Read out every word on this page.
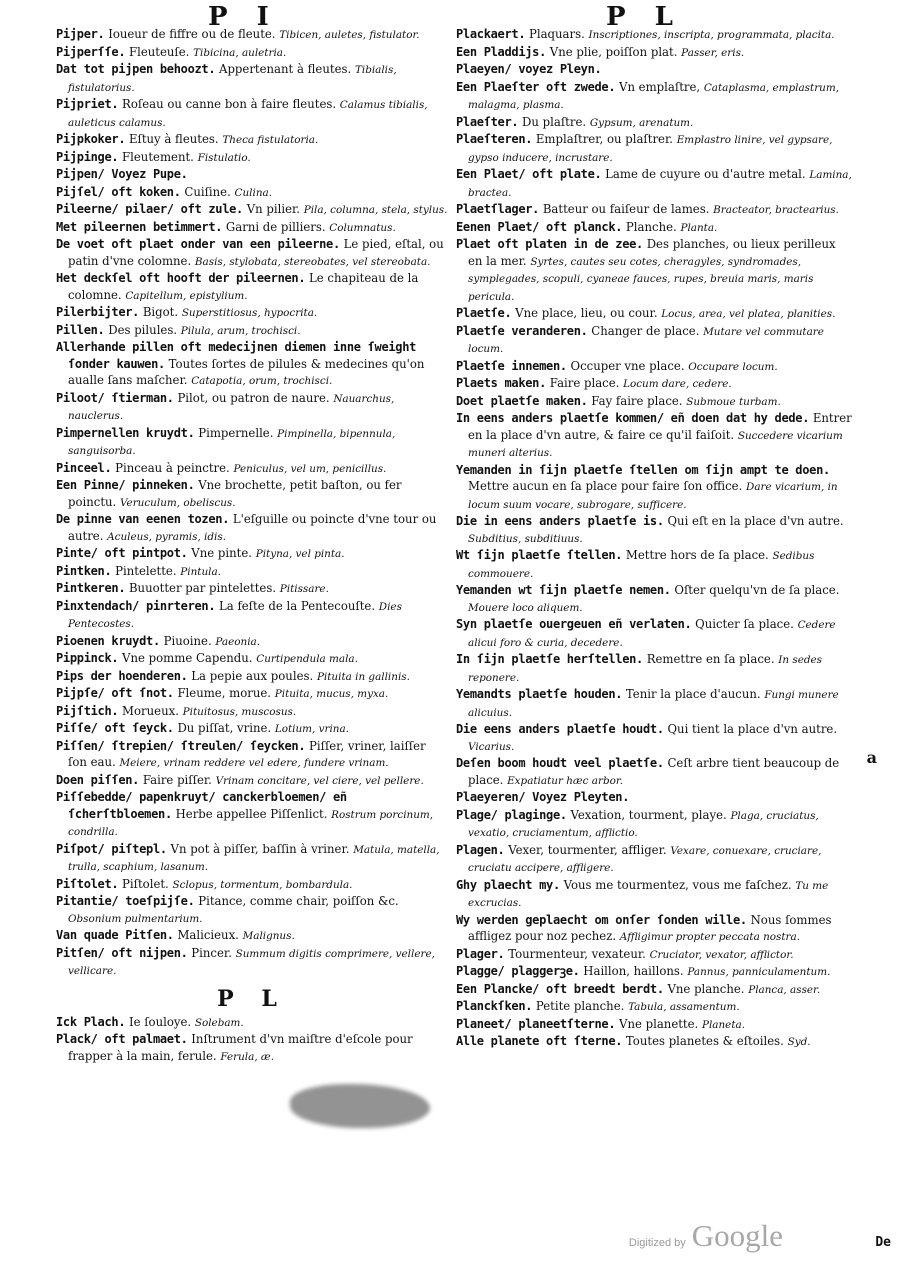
P I	P L

Pijper. Ioueur de fiffre ou de fleute. Tibicen, auletes, fistulator.

Pijperſſe. Fleuteuſe. Tibicina, auletria.

Dat tot pijpen behoozt. Appertenant à fleutes. Tibialis, fistulatorius.

Pijpriet. Roſeau ou canne bon à faire fleutes. Calamus tibialis, auleticus calamus.

Pijpkoker. Eſtuy à fleutes. Theca fistulatoria.

Pijpinge. Fleutement. Fistulatio.

Pijpen/ Voyez Pupe.

Pijſel/ oft koken. Cuiſine. Culina.

Pileerne/ pilaer/ oft zule. Vn pilier. Pila, columna, stela, stylus.

Met pileernen betimmert. Garni de pilliers. Columnatus.

De voet oft plaet onder van een pileerne. Le pied, eſtal, ou patin d'vne colomne. Basis, stylobata, stereobates, vel stereobata.

Het deckſel oft hooft der pileernen. Le chapiteau de la colomne. Capitellum, epistylium.

Pilerbijter. Bigot. Superstitiosus, hypocrita.

Pillen. Des pilules. Pilula, arum, trochisci.

Allerhande pillen oft medecijnen diemen inne ſweight ſonder kauwen. Toutes ſortes de pilules & medecines qu'on aualle ſans maſcher. Catapotia, orum, trochisci.

Piloot/ ſtierman. Pilot, ou patron de naure. Nauarchus, nauclerus.

Pimpernellen kruydt. Pimpernelle. Pimpinella, bipennula, sanguisorba.

Pinceel. Pinceau à peinctre. Peniculus, vel um, penicillus.

Een Pinne/ pinneken. Vne brochette, petit baſton, ou fer poinctu. Veruculum, obeliscus.

De pinne van eenen tozen. L'eſguille ou poincte d'vne tour ou autre. Aculeus, pyramis, idis.

Pinte/ oft pintpot. Vne pinte. Pityna, vel pinta.

Pintken. Pintelette. Pintula.

Pintkeren. Buuotter par pintelettes. Pitissare.

Pinxtendach/ pinrteren. La feſte de la Pentecouſte. Dies Pentecostes.

Pioenen kruydt. Piuoine. Paeonia.

Pippinck. Vne pomme Capendu. Curtipendula mala.

Pips der hoenderen. La pepie aux poules. Pituita in gallinis.

Pijpſe/ oft ſnot. Fleume, morue. Pituita, mucus, myxa.

Pijſtich. Morueux. Pituitosus, muscosus.

Piſſe/ oft ſeyck. Du piſſat, vrine. Lotium, vrina.

Piſſen/ ſtrepien/ ſtreulen/ ſeycken. Piſſer, vriner, laiſſer ſon eau. Meiere, vrinam reddere vel edere, fundere vrinam.

Doen piſſen. Faire piſſer. Vrinam concitare, vel ciere, vel pellere.

Piſſebedde/ papenkruyt/ canckerbloemen/ eñ ſcherſtbloemen. Herbe appellee Piſſenlict. Rostrum porcinum, condrilla.

Piſpot/ piſtepl. Vn pot à piſſer, baſſin à vriner. Matula, matella, trulla, scaphium, lasanum.

Piſtolet. Piſtolet. Sclopus, tormentum, bombardula.

Pitantie/ toeſpijſe. Pitance, comme chair, poiſſon &c. Obsonium pulmentarium.

Van quade Pitſen. Malicieux. Malignus.

Pitſen/ oft nijpen. Pincer. Summum digitis comprimere, vellere, vellicare.

P L

Ick Plach. Ie ſouloye. Solebam.

Plack/ oft palmaet. Inſtrument d'vn maiſtre d'eſcole pour frapper à la main, ferule. Ferula, æ.

Plackaert. Plaquars. Inscriptiones, inscripta, programmata, placita.

Een Pladdijs. Vne plie, poiſſon plat. Passer, eris.

Plaeyen/ voyez Pleyn.

Een Plaeſter oft zwede. Vn emplaſtre, Cataplasma, emplastrum, malagma, plasma.

Plaeſter. Du plaſtre. Gypsum, arenatum.

Plaeſteren. Emplaſtrer, ou plaſtrer. Emplastro linire, vel gypsare, gypso inducere, incrustare.

Een Plaet/ oft plate. Lame de cuyure ou d'autre metal. Lamina, bractea.

Plaetſlager. Batteur ou faiſeur de lames. Bracteator, bractearius.

Eenen Plaet/ oft planck. Planche. Planta.

Plaet oft platen in de zee. Des planches, ou lieux perilleux en la mer. Syrtes, cautes seu cotes, cheragyles, syndromades, symplegades, scopuli, cyaneae fauces, rupes, breuia maris, maris pericula.

Plaetſe. Vne place, lieu, ou cour. Locus, area, vel platea, planities.

Plaetſe veranderen. Changer de place. Mutare vel commutare locum.

Plaetſe innemen. Occuper vne place. Occupare locum.

Plaets maken. Faire place. Locum dare, cedere.

Doet plaetſe maken. Fay faire place. Submoue turbam.

In eens anders plaetſe kommen/ eñ doen dat hy dede. Entrer en la place d'vn autre, & faire ce qu'il faiſoit. Succedere vicarium muneri alterius.

Yemanden in ſijn plaetſe ſtellen om ſijn ampt te doen. Mettre aucun en ſa place pour faire ſon office. Dare vicarium, in locum suum vocare, subrogare, sufficere.

Die in eens anders plaetſe is. Qui eſt en la place d'vn autre. Subditius, subditiuus.

Wt ſijn plaetſe ſtellen. Mettre hors de ſa place. Sedibus commouere.

Yemanden wt ſijn plaetſe nemen. Oſter quelqu'vn de ſa place. Mouere loco aliquem.

Syn plaetſe ouergeuen eñ verlaten. Quicter ſa place. Cedere alicui foro & curia, decedere.

In ſijn plaetſe herſtellen. Remettre en ſa place. In sedes reponere.

Yemandts plaetſe houden. Tenir la place d'aucun. Fungi munere alicuius.

Die eens anders plaetſe houdt. Qui tient la place d'vn autre. Vicarius.

Deſen boom houdt veel plaetſe. Ceſt arbre tient beaucoup de place. Expatiatur hæc arbor.

Plaeyeren/ Voyez Pleyten.

Plage/ plaginge. Vexation, tourment, playe. Plaga, cruciatus, vexatio, cruciamentum, afflictio.

Plagen. Vexer, tourmenter, affliger. Vexare, conuexare, cruciare, cruciatu accipere, affligere.

Ghy plaecht my. Vous me tourmentez, vous me faſchez. Tu me excrucias.

Wy werden geplaecht om onſer ſonden wille. Nous ſommes affligez pour noz pechez. Affligimur propter peccata nostra.

Plager. Tourmenteur, vexateur. Cruciator, vexator, afflictor.

Plagge/ plaggerꝫe. Haillon, haillons. Pannus, panniculamentum.

Een Plancke/ oft breedt berdt. Vne planche. Planca, asser.

Planckſken. Petite planche. Tabula, assamentum.

Planeet/ planeetſterne. Vne planette. Planeta.

Alle planete oft ſterne. Toutes planetes & eſtoiles. Syd.

a
De
Digitized by Google
